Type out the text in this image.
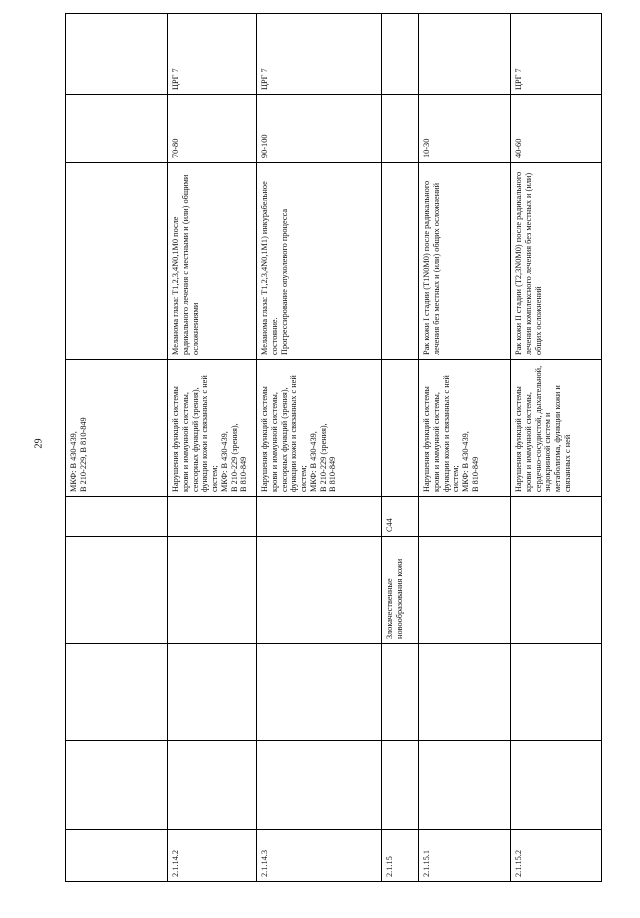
29

					МКФ: B 430-439,
B 210-229, B 810-849			

2.1.14.2					Нарушения функций системы крови и иммунной системы, сенсорных функций (зрения), функции кожи и связанных с ней систем;
МКФ: B 430-439,
B 210-229 (зрения),
B 810-849	Меланома глаза: T1,2,3,4N0,1M0 после радикального лечения с местными и (или) общими осложнениями	70-80	ЦРГ 7
2.1.14.3					Нарушения функций системы крови и иммунной системы, сенсорных функций (зрения), функции кожи и связанных с ней систем;
МКФ: B 430-439,
B 210-229 (зрения),
B 810-849	Меланома глаза: T1,2,3,4N0,1M1) инкурабельное состояние.
Прогрессирование опухолевого процесса	90-100	ЦРГ 7
2.1.15			Злокачественные новообразования кожи	C44				
2.1.15.1					Нарушения функций системы крови и иммунной системы, функции кожи и связанных с ней систем;
МКФ: B 430-439,
B 810-849	Рак кожи I стадии (T1N0M0) после радикального лечения без местных и (или) общих осложнений	10-30	
2.1.15.2					Нарушения функций системы крови и иммунной системы, сердечно-сосудистой, дыхательной, эндокринной систем и метаболизма, функции кожи и связанных с ней	Рак кожи II стадии (T2,3N0M0) после радикального лечения комплексного лечения без местных и (или) общих осложнений	40-60	ЦРГ 7
